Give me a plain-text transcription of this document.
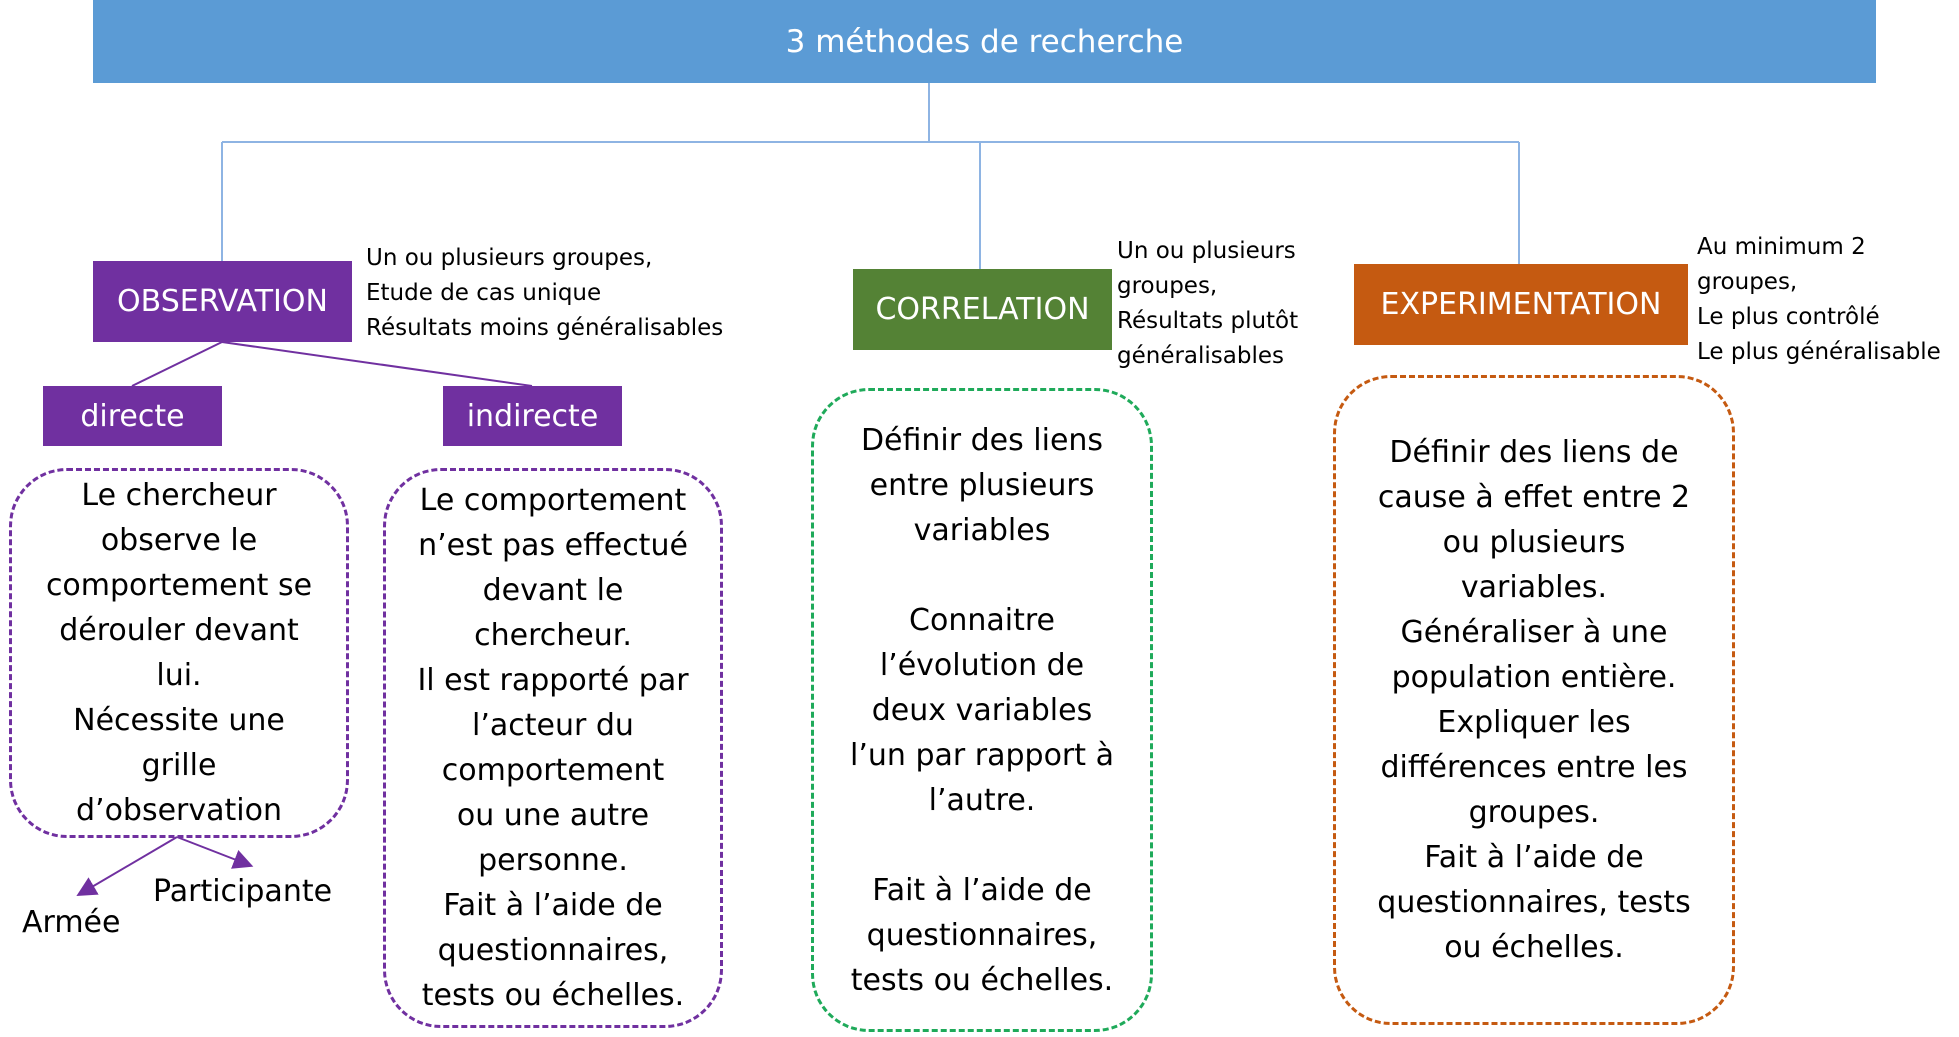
3 méthodes de recherche
OBSERVATION
Un ou plusieurs groupes,
Etude de cas unique
Résultats moins généralisables
directe	indirecte
Le chercheur
observe le
comportement se
dérouler devant
lui.
Nécessite une
grille
d’observation
Le comportement
n’est pas effectué
devant le
chercheur.
Il est rapporté par
l’acteur du
comportement
ou une autre
personne.
Fait à l’aide de
questionnaires,
tests ou échelles.
Armée
Participante
CORRELATION
Un ou plusieurs
groupes,
Résultats plutôt
généralisables
Définir des liens
entre plusieurs
variables
Connaitre
l’évolution de
deux variables
l’un par rapport à
l’autre.
Fait à l’aide de
questionnaires,
tests ou échelles.
EXPERIMENTATION
Au minimum 2
groupes,
Le plus contrôlé
Le plus généralisable
Définir des liens de
cause à effet entre 2
ou plusieurs
variables.
Généraliser à une
population entière.
Expliquer les
différences entre les
groupes.
Fait à l’aide de
questionnaires, tests
ou échelles.
